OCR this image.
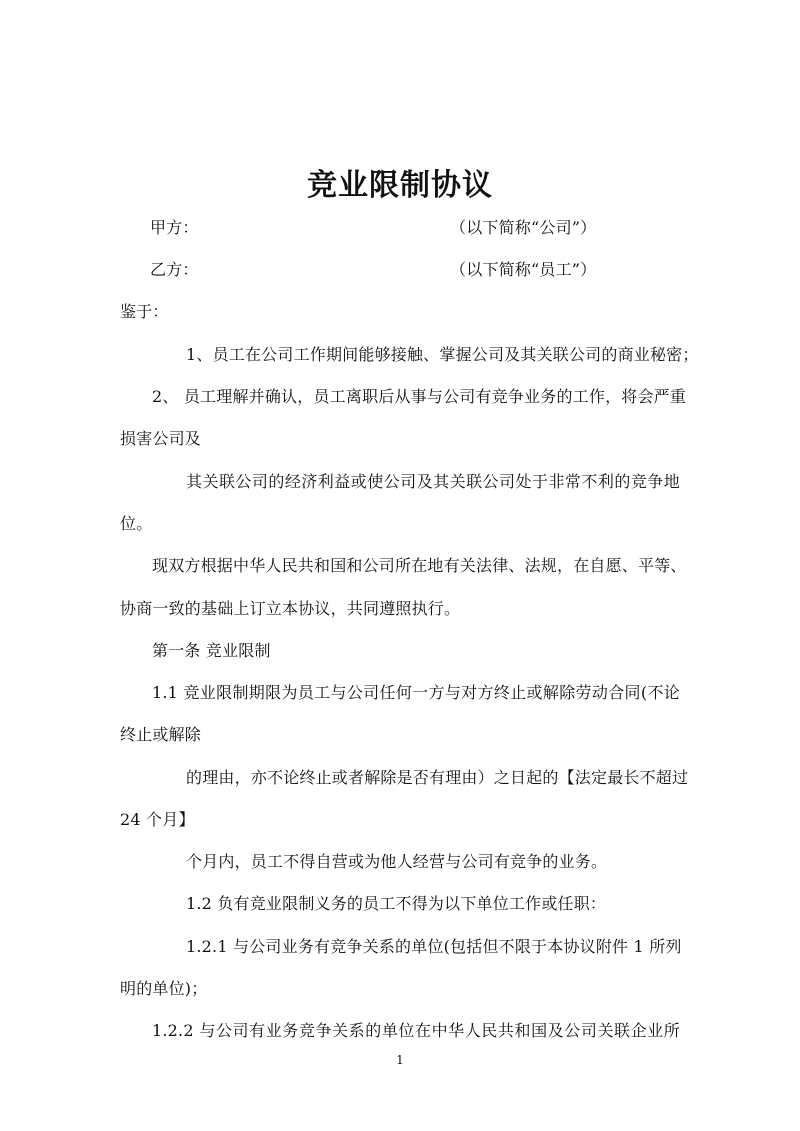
竞业限制协议
甲方：	（以下简称“公司”）
乙方：	（以下简称“员工”）
鉴于：
1、员工在公司工作期间能够接触、掌握公司及其关联公司的商业秘密；
2、 员工理解并确认，员工离职后从事与公司有竞争业务的工作，将会严重
损害公司及
其关联公司的经济利益或使公司及其关联公司处于非常不利的竞争地
位。
现双方根据中华人民共和国和公司所在地有关法律、法规，在自愿、平等、
协商一致的基础上订立本协议，共同遵照执行。
第一条 竞业限制
1.1 竞业限制期限为员工与公司任何一方与对方终止或解除劳动合同(不论
终止或解除
的理由，亦不论终止或者解除是否有理由）之日起的【法定最长不超过
24 个月】
个月内，员工不得自营或为他人经营与公司有竞争的业务。
1.2 负有竞业限制义务的员工不得为以下单位工作或任职：
1.2.1 与公司业务有竞争关系的单位(包括但不限于本协议附件 1 所列
明的单位)；
1.2.2 与公司有业务竞争关系的单位在中华人民共和国及公司关联企业所
1
